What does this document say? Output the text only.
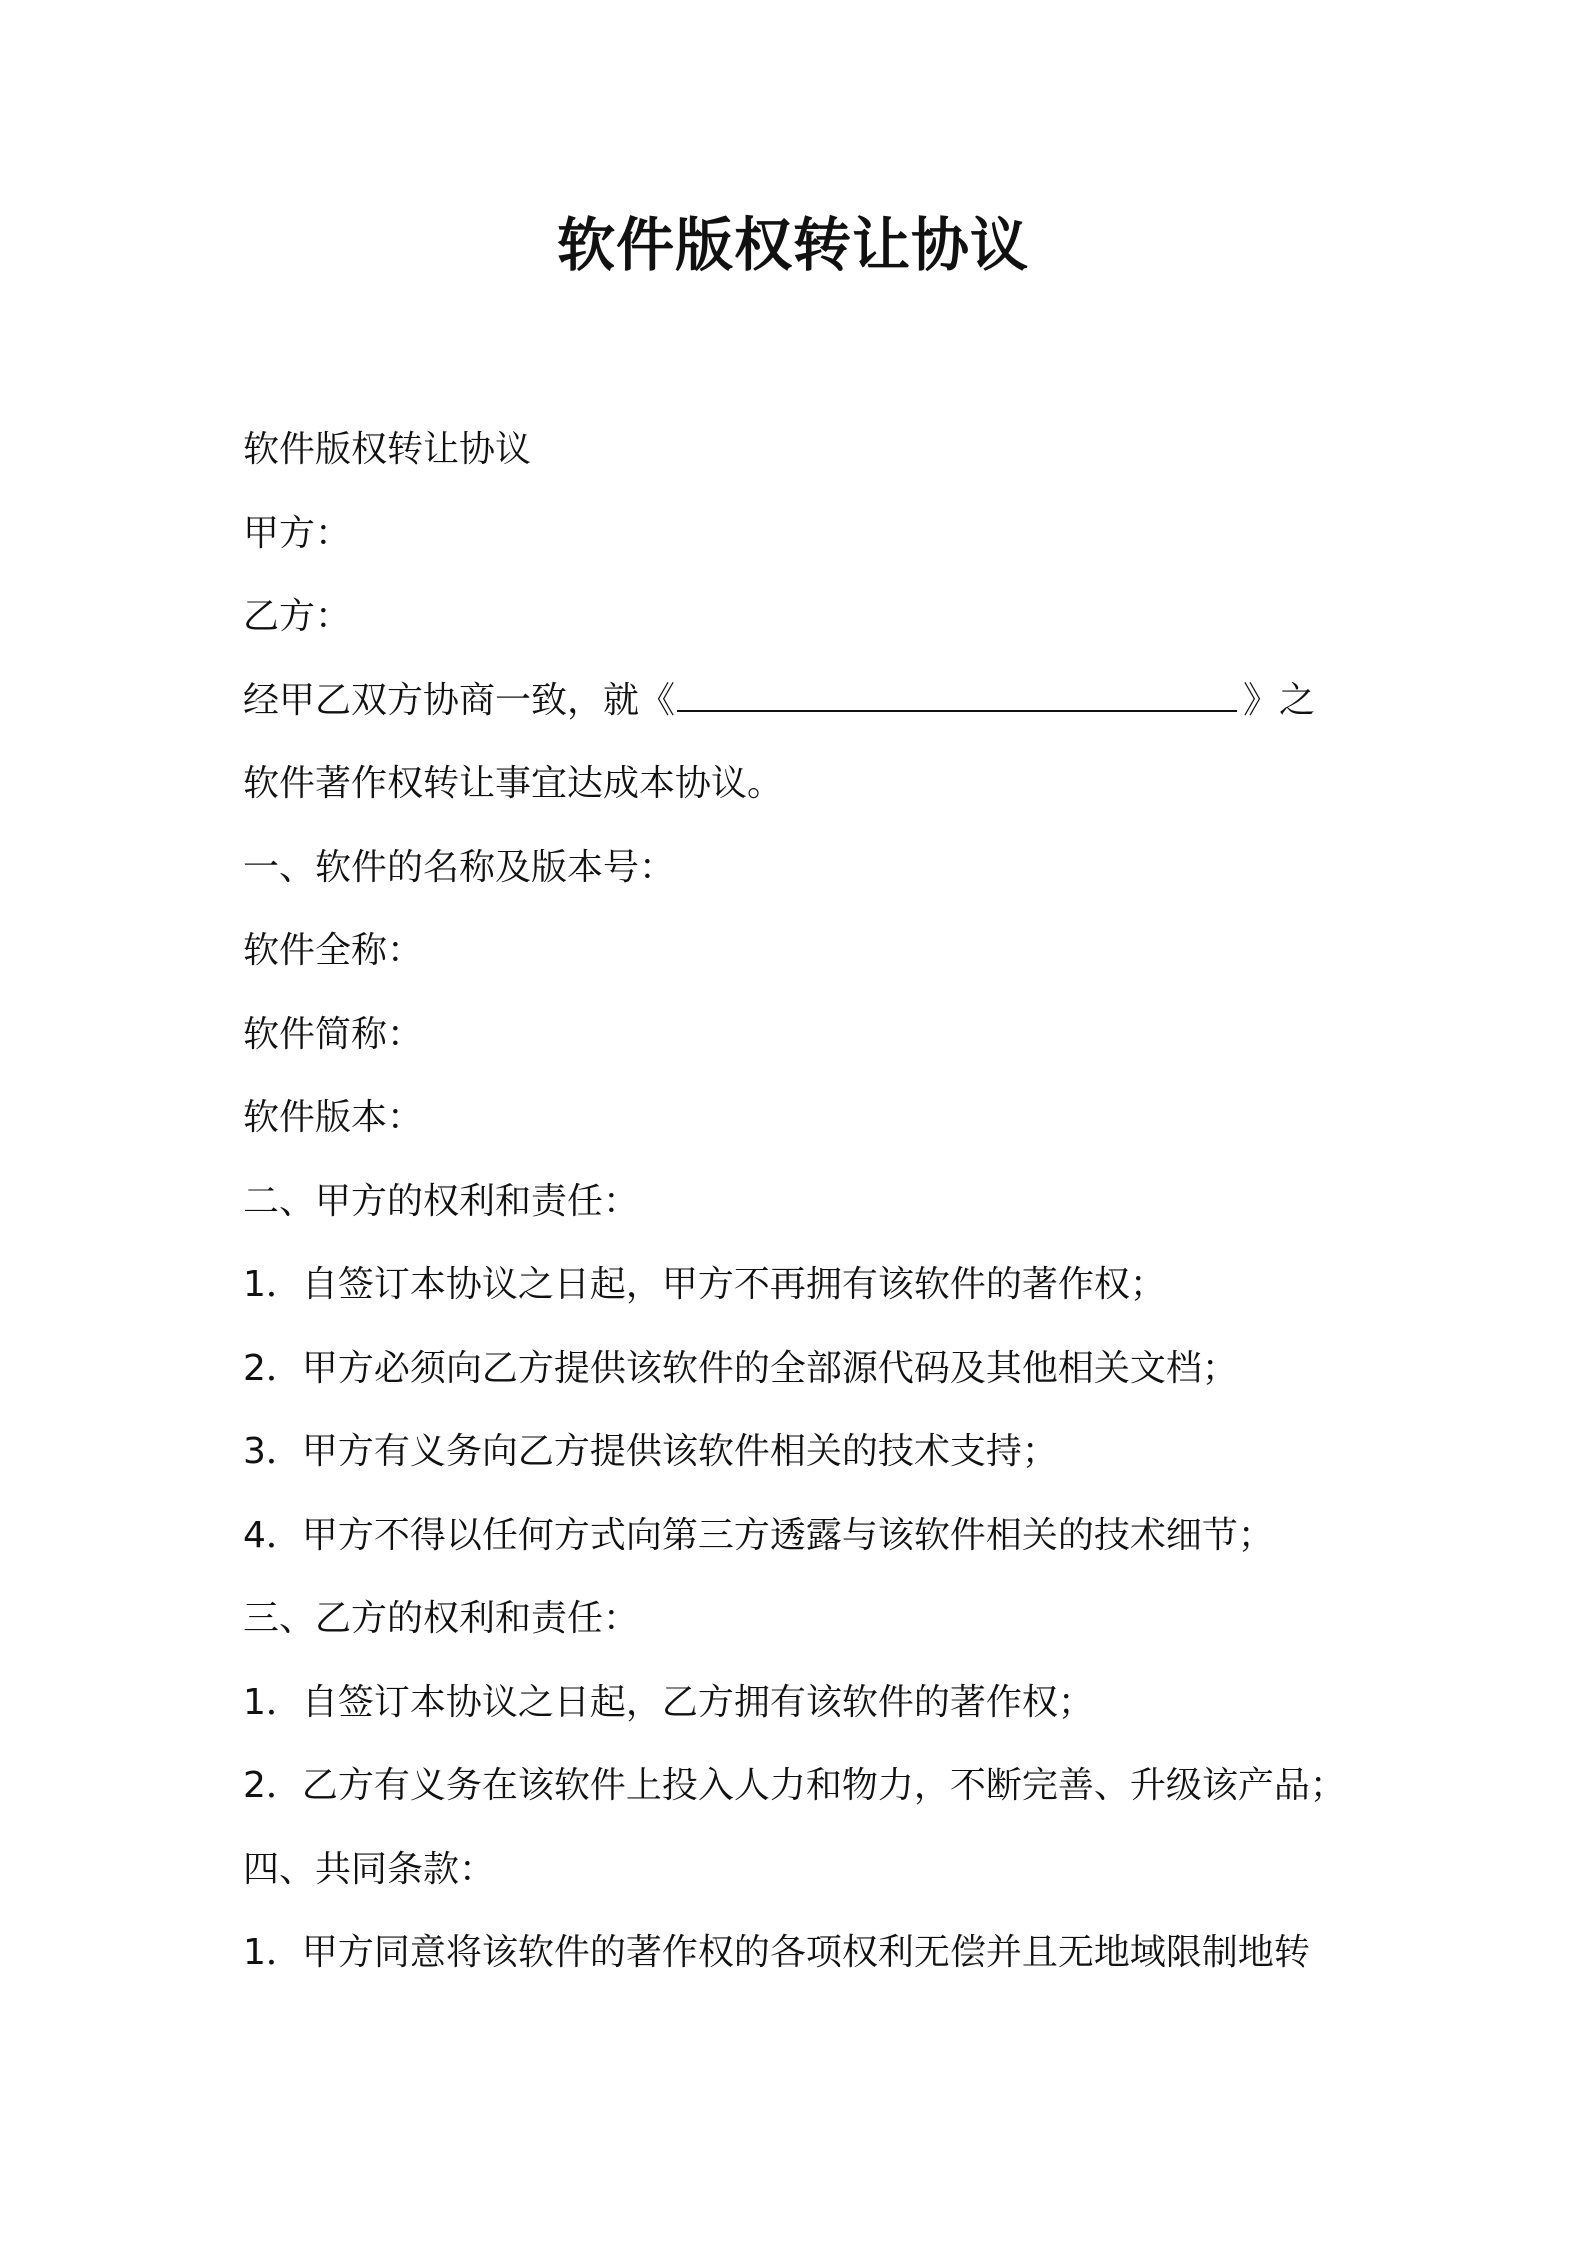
软件版权转让协议
软件版权转让协议
甲方：
乙方：
经甲乙双方协商一致，就《	》之
软件著作权转让事宜达成本协议。
一、软件的名称及版本号：
软件全称：
软件简称：
软件版本：
二、甲方的权利和责任：
1．自签订本协议之日起，甲方不再拥有该软件的著作权；
2．甲方必须向乙方提供该软件的全部源代码及其他相关文档；
3．甲方有义务向乙方提供该软件相关的技术支持；
4．甲方不得以任何方式向第三方透露与该软件相关的技术细节；
三、乙方的权利和责任：
1．自签订本协议之日起，乙方拥有该软件的著作权；
2．乙方有义务在该软件上投入人力和物力，不断完善、升级该产品；
四、共同条款：
1．甲方同意将该软件的著作权的各项权利无偿并且无地域限制地转
